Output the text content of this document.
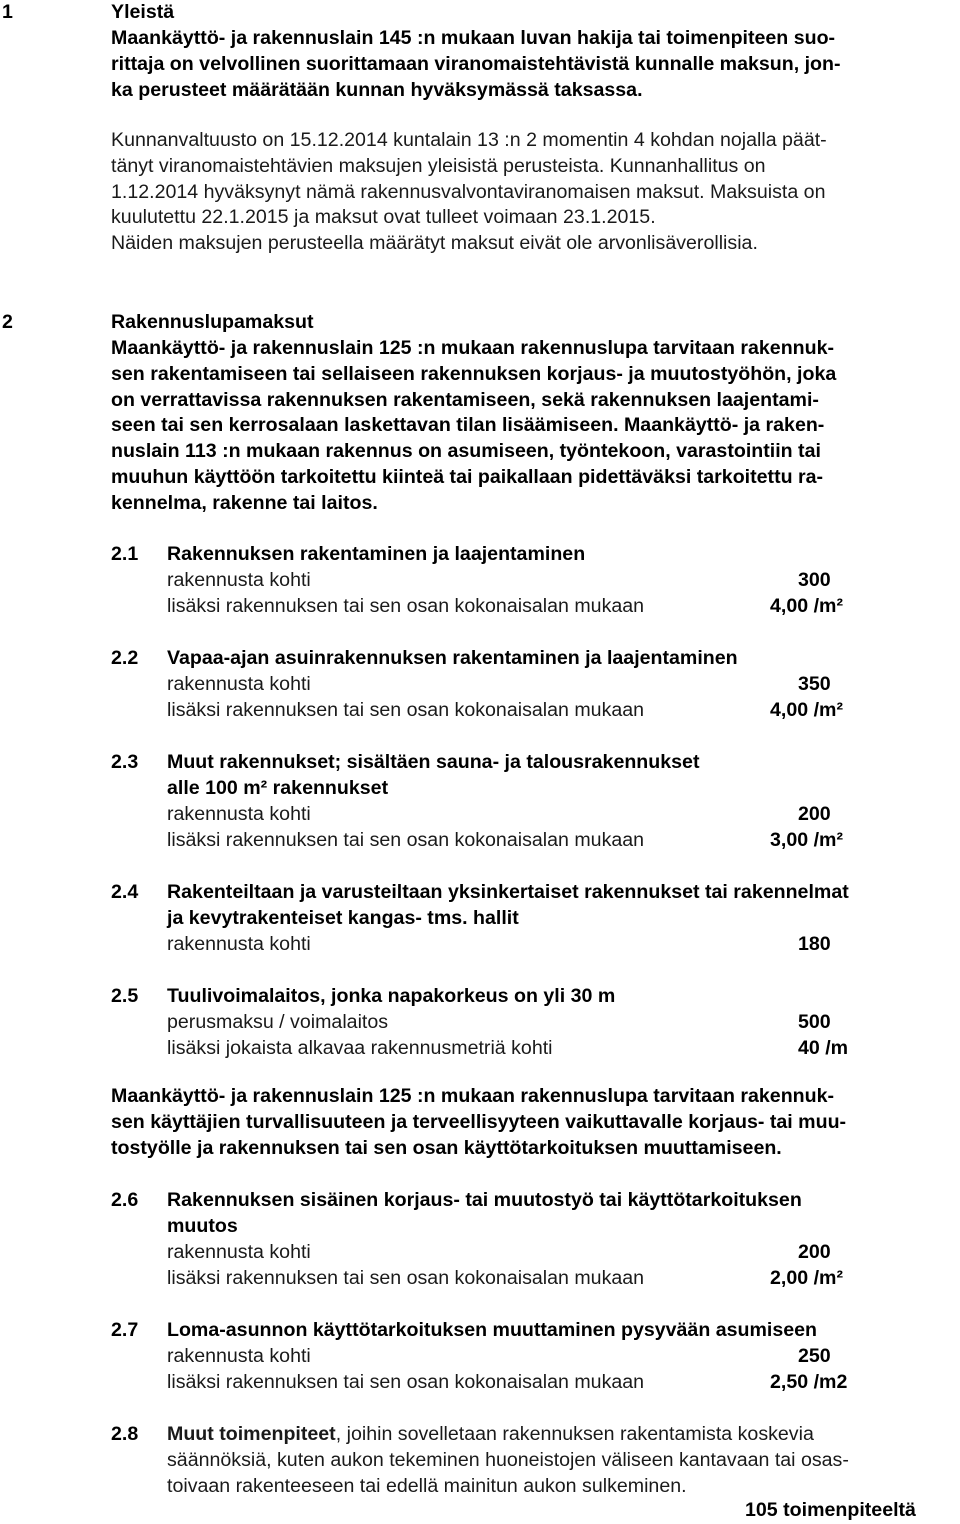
1	Yleistä
Maankäyttö- ja rakennuslain 145 :n mukaan luvan hakija tai toimenpiteen suo-
rittaja on velvollinen suorittamaan viranomaistehtävistä kunnalle maksun, jon-
ka perusteet määrätään kunnan hyväksymässä taksassa.
Kunnanvaltuusto on 15.12.2014 kuntalain 13 :n 2 momentin 4 kohdan nojalla päät-
tänyt viranomaistehtävien maksujen yleisistä perusteista. Kunnanhallitus on
1.12.2014 hyväksynyt nämä rakennusvalvontaviranomaisen maksut. Maksuista on
kuulutettu 22.1.2015 ja maksut ovat tulleet voimaan 23.1.2015.
Näiden maksujen perusteella määrätyt maksut eivät ole arvonlisäverollisia.
2	Rakennuslupamaksut
Maankäyttö- ja rakennuslain 125 :n mukaan rakennuslupa tarvitaan rakennuk-
sen rakentamiseen tai sellaiseen rakennuksen korjaus- ja muutostyöhön, joka
on verrattavissa rakennuksen rakentamiseen, sekä rakennuksen laajentami-
seen tai sen kerrosalaan laskettavan tilan lisäämiseen. Maankäyttö- ja raken-
nuslain 113 :n mukaan rakennus on asumiseen, työntekoon, varastointiin tai
muuhun käyttöön tarkoitettu kiinteä tai paikallaan pidettäväksi tarkoitettu ra-
kennelma, rakenne tai laitos.
2.1 Rakennuksen rakentaminen ja laajentaminen
rakennusta kohti	300
lisäksi rakennuksen tai sen osan kokonaisalan mukaan	4,00 /m²
2.2 Vapaa-ajan asuinrakennuksen rakentaminen ja laajentaminen
rakennusta kohti	350
lisäksi rakennuksen tai sen osan kokonaisalan mukaan	4,00 /m²
2.3 Muut rakennukset; sisältäen sauna- ja talousrakennukset
alle 100 m² rakennukset
rakennusta kohti	200
lisäksi rakennuksen tai sen osan kokonaisalan mukaan	3,00 /m²
2.4 Rakenteiltaan ja varusteiltaan yksinkertaiset rakennukset tai rakennelmat
ja kevytrakenteiset kangas- tms. hallit
rakennusta kohti	180
2.5 Tuulivoimalaitos, jonka napakorkeus on yli 30 m
perusmaksu / voimalaitos	500
lisäksi jokaista alkavaa rakennusmetriä kohti	40 /m
Maankäyttö- ja rakennuslain 125 :n mukaan rakennuslupa tarvitaan rakennuk-
sen käyttäjien turvallisuuteen ja terveellisyyteen vaikuttavalle korjaus- tai muu-
tostyölle ja rakennuksen tai sen osan käyttötarkoituksen muuttamiseen.
2.6 Rakennuksen sisäinen korjaus- tai muutostyö tai käyttötarkoituksen
muutos
rakennusta kohti	200
lisäksi rakennuksen tai sen osan kokonaisalan mukaan	2,00 /m²
2.7 Loma-asunnon käyttötarkoituksen muuttaminen pysyvään asumiseen
rakennusta kohti	250
lisäksi rakennuksen tai sen osan kokonaisalan mukaan	2,50 /m2
2.8 Muut toimenpiteet, joihin sovelletaan rakennuksen rakentamista koskevia
säännöksiä, kuten aukon tekeminen huoneistojen väliseen kantavaan tai osas-
toivaan rakenteeseen tai edellä mainitun aukon sulkeminen.
105 toimenpiteeltä
